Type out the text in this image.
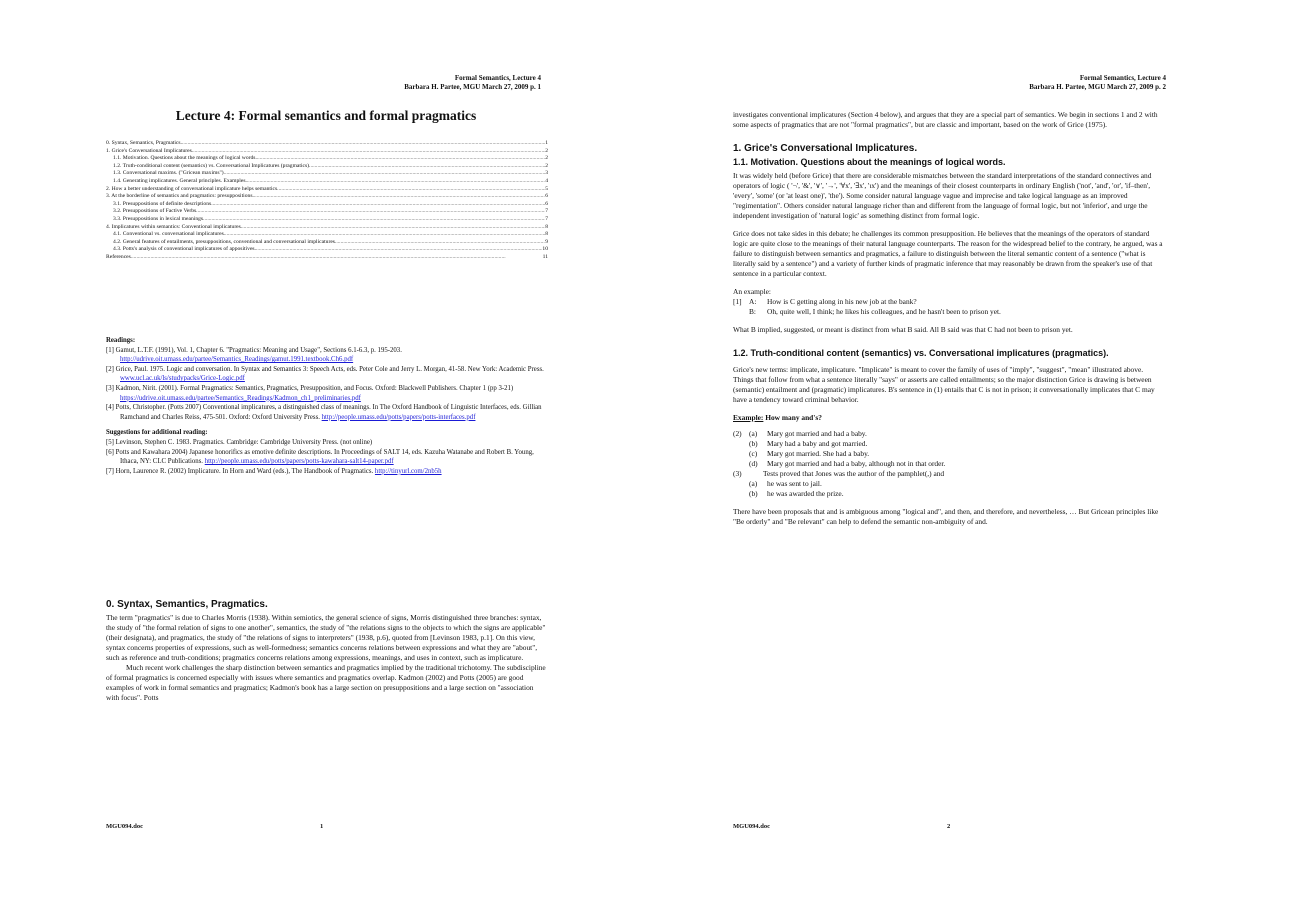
Formal Semantics, Lecture 4
Barbara H. Partee, MGU March 27, 2009 p. 1
Lecture 4: Formal semantics and formal pragmatics
0. Syntax, Semantics, Pragmatics. .....	1
1. Grice's Conversational Implicatures. .....	2
1.1. Motivation. Questions about the meanings of logical words. .....	2
1.2. Truth-conditional content (semantics) vs. Conversational Implicatures (pragmatics). .....	2
1.3. Conversational maxims. ("Gricean maxims") .....	3
1.4. Generating implicatures. General principles. Examples. .....	4
2. How a better understanding of conversational implicature helps semantics. .....	5
3. At the borderline of semantics and pragmatics: presuppositions. .....	6
3.1. Presuppositions of definite descriptions. .....	6
3.2. Presuppositions of Factive Verbs. .....	7
3.3. Presuppositions in lexical meanings. .....	7
4. Implicatures within semantics: Conventional implicatures. .....	8
4.1. Conventional vs. conversational implicatures. .....	8
4.2. General features of entailments, presuppositions, conventional and conversational implicatures. .....	9
4.3. Potts's analysis of conventional implicatures of appositives. .....	10
References .....	11
Readings:
[1] Gamut, L.T.F. (1991), Vol. 1, Chapter 6. "Pragmatics: Meaning and Usage", Sections 6.1-6.3, p. 195-203. http://udrive.oit.umass.edu/partee/Semantics_Readings/gamut.1991.textbook.Ch6.pdf
[2] Grice, Paul. 1975. Logic and conversation. In Syntax and Semantics 3: Speech Acts, eds. Peter Cole and Jerry L. Morgan, 41-58. New York: Academic Press. www.ucl.ac.uk/ls/studypacks/Grice-Logic.pdf
[3] Kadmon, Nirit. (2001). Formal Pragmatics: Semantics, Pragmatics, Presupposition, and Focus. Oxford: Blackwell Publishers. Chapter 1 (pp 3-21) https://udrive.oit.umass.edu/partee/Semantics_Readings/Kadmon_ch1_preliminaries.pdf
[4] Potts, Christopher. (Potts 2007) Conventional implicatures, a distinguished class of meanings. In The Oxford Handbook of Linguistic Interfaces, eds. Gillian Ramchand and Charles Reiss, 475-501. Oxford: Oxford University Press. http://people.umass.edu/potts/papers/potts-interfaces.pdf
Suggestions for additional reading:
[5] Levinson, Stephen C. 1983. Pragmatics. Cambridge: Cambridge University Press. (not online)
[6] Potts and Kawahara 2004) Japanese honorifics as emotive definite descriptions. In Proceedings of SALT 14, eds. Kazuha Watanabe and Robert B. Young, Ithaca, NY: CLC Publications. http://people.umass.edu/potts/papers/potts-kawahara-salt14-paper.pdf
[7] Horn, Laurence R. (2002) Implicature. In Horn and Ward (eds.), The Handbook of Pragmatics. http://tinyurl.com/2nb5h
0. Syntax, Semantics, Pragmatics.

The term "pragmatics" is due to Charles Morris (1938). Within semiotics, the general science of signs, Morris distinguished three branches: syntax, the study of "the formal relation of signs to one another", semantics, the study of "the relations signs to the objects to which the signs are applicable" (their designata), and pragmatics, the study of "the relations of signs to interpreters" (1938, p.6), quoted from [Levinson 1983, p.1]. On this view, syntax concerns properties of expressions, such as well-formedness; semantics concerns relations between expressions and what they are "about", such as reference and truth-conditions; pragmatics concerns relations among expressions, meanings, and uses in context, such as implicature.

Much recent work challenges the sharp distinction between semantics and pragmatics implied by the traditional trichotomy. The subdiscipline of formal pragmatics is concerned especially with issues where semantics and pragmatics overlap. Kadmon (2002) and Potts (2005) are good examples of work in formal semantics and pragmatics; Kadmon's book has a large section on presuppositions and a large section on "association with focus". Potts

MGU094.doc	1
Formal Semantics, Lecture 4
Barbara H. Partee, MGU March 27, 2009 p. 2

investigates conventional implicatures (Section 4 below), and argues that they are a special part of semantics. We begin in sections 1 and 2 with some aspects of pragmatics that are not "formal pragmatics", but are classic and important, based on the work of Grice (1975).

1. Grice's Conversational Implicatures.
1.1. Motivation. Questions about the meanings of logical words.

It was widely held (before Grice) that there are considerable mismatches between the standard interpretations of the standard connectives and operators of logic ( '¬', '&', '∨', '→', '∀x', '∃x', 'ιx') and the meanings of their closest counterparts in ordinary English ('not', 'and', 'or', 'if–then', 'every', 'some' (or 'at least one)', 'the'). Some consider natural language vague and imprecise and take logical language as an improved "regimentation". Others consider natural language richer than and different from the language of formal logic, but not 'inferior', and urge the independent investigation of 'natural logic' as something distinct from formal logic.

Grice does not take sides in this debate; he challenges its common presupposition. He believes that the meanings of the operators of standard logic are quite close to the meanings of their natural language counterparts. The reason for the widespread belief to the contrary, he argued, was a failure to distinguish between semantics and pragmatics, a failure to distinguish between the literal semantic content of a sentence ("what is literally said by a sentence") and a variety of further kinds of pragmatic inference that may reasonably be drawn from the speaker's use of that sentence in a particular context.

An example:

[1] A:	How is C getting along in his new job at the bank?
B:	Oh, quite well, I think; he likes his colleagues, and he hasn't been to prison yet.

What B implied, suggested, or meant is distinct from what B said. All B said was that C had not been to prison yet.

1.2. Truth-conditional content (semantics) vs. Conversational implicatures (pragmatics).

Grice's new terms: implicate, implicature. "Implicate" is meant to cover the family of uses of "imply", "suggest", "mean" illustrated above. Things that follow from what a sentence literally "says" or asserts are called entailments; so the major distinction Grice is drawing is between (semantic) entailment and (pragmatic) implicatures. B's sentence in (1) entails that C is not in prison; it conversationally implicates that C may have a tendency toward criminal behavior.

Example: How many and's?

(2) (a)	Mary got married and had a baby.
(b)	Mary had a baby and got married.
(c)	Mary got married. She had a baby.
(d)	Mary got married and had a baby, although not in that order.
(3)	Tests proved that Jones was the author of the pamphlet(,) and
(a)	he was sent to jail.
(b)	he was awarded the prize.

There have been proposals that and is ambiguous among "logical and", and then, and therefore, and nevertheless, … But Gricean principles like "Be orderly" and "Be relevant" can help to defend the semantic non-ambiguity of and.

MGU094.doc	2
